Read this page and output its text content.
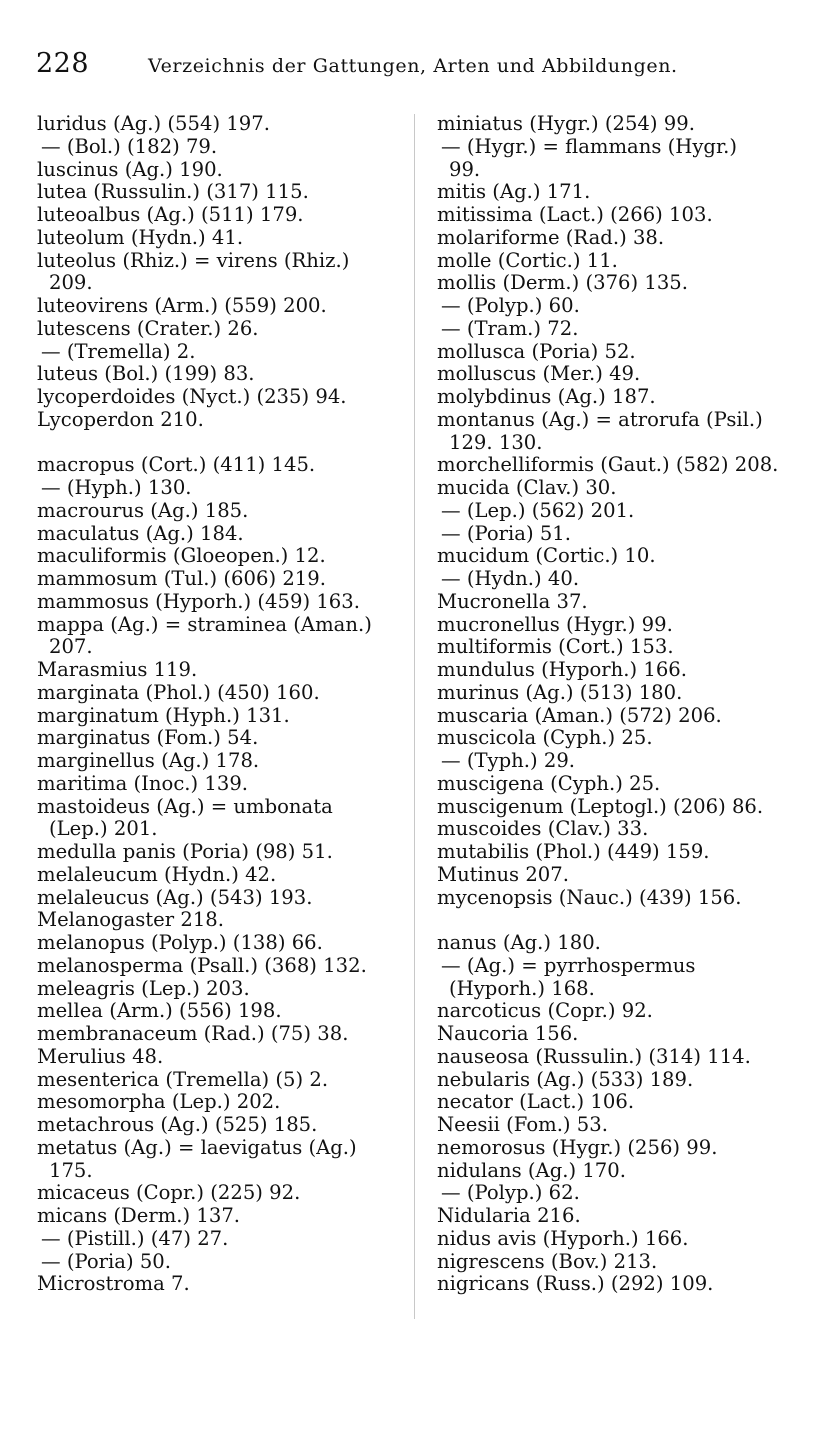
228	Verzeichnis der Gattungen, Arten und Abbildungen.
luridus (Ag.) (554) 197.
— (Bol.) (182) 79.
luscinus (Ag.) 190.
lutea (Russulin.) (317) 115.
luteoalbus (Ag.) (511) 179.
luteolum (Hydn.) 41.
luteolus (Rhiz.) = virens (Rhiz.)
209.
luteovirens (Arm.) (559) 200.
lutescens (Crater.) 26.
— (Tremella) 2.
luteus (Bol.) (199) 83.
lycoperdoides (Nyct.) (235) 94.
Lycoperdon 210.
macropus (Cort.) (411) 145.
— (Hyph.) 130.
macrourus (Ag.) 185.
maculatus (Ag.) 184.
maculiformis (Gloeopen.) 12.
mammosum (Tul.) (606) 219.
mammosus (Hyporh.) (459) 163.
mappa (Ag.) = straminea (Aman.)
207.
Marasmius 119.
marginata (Phol.) (450) 160.
marginatum (Hyph.) 131.
marginatus (Fom.) 54.
marginellus (Ag.) 178.
maritima (Inoc.) 139.
mastoideus (Ag.) = umbonata
(Lep.) 201.
medulla panis (Poria) (98) 51.
melaleucum (Hydn.) 42.
melaleucus (Ag.) (543) 193.
Melanogaster 218.
melanopus (Polyp.) (138) 66.
melanosperma (Psall.) (368) 132.
meleagris (Lep.) 203.
mellea (Arm.) (556) 198.
membranaceum (Rad.) (75) 38.
Merulius 48.
mesenterica (Tremella) (5) 2.
mesomorpha (Lep.) 202.
metachrous (Ag.) (525) 185.
metatus (Ag.) = laevigatus (Ag.)
175.
micaceus (Copr.) (225) 92.
micans (Derm.) 137.
— (Pistill.) (47) 27.
— (Poria) 50.
Microstroma 7.
miniatus (Hygr.) (254) 99.
— (Hygr.) = flammans (Hygr.)
99.
mitis (Ag.) 171.
mitissima (Lact.) (266) 103.
molariforme (Rad.) 38.
molle (Cortic.) 11.
mollis (Derm.) (376) 135.
— (Polyp.) 60.
— (Tram.) 72.
mollusca (Poria) 52.
molluscus (Mer.) 49.
molybdinus (Ag.) 187.
montanus (Ag.) = atrorufa (Psil.)
129. 130.
morchelliformis (Gaut.) (582) 208.
mucida (Clav.) 30.
— (Lep.) (562) 201.
— (Poria) 51.
mucidum (Cortic.) 10.
— (Hydn.) 40.
Mucronella 37.
mucronellus (Hygr.) 99.
multiformis (Cort.) 153.
mundulus (Hyporh.) 166.
murinus (Ag.) (513) 180.
muscaria (Aman.) (572) 206.
muscicola (Cyph.) 25.
— (Typh.) 29.
muscigena (Cyph.) 25.
muscigenum (Leptogl.) (206) 86.
muscoides (Clav.) 33.
mutabilis (Phol.) (449) 159.
Mutinus 207.
mycenopsis (Nauc.) (439) 156.
nanus (Ag.) 180.
— (Ag.) = pyrrhospermus
(Hyporh.) 168.
narcoticus (Copr.) 92.
Naucoria 156.
nauseosa (Russulin.) (314) 114.
nebularis (Ag.) (533) 189.
necator (Lact.) 106.
Neesii (Fom.) 53.
nemorosus (Hygr.) (256) 99.
nidulans (Ag.) 170.
— (Polyp.) 62.
Nidularia 216.
nidus avis (Hyporh.) 166.
nigrescens (Bov.) 213.
nigricans (Russ.) (292) 109.
